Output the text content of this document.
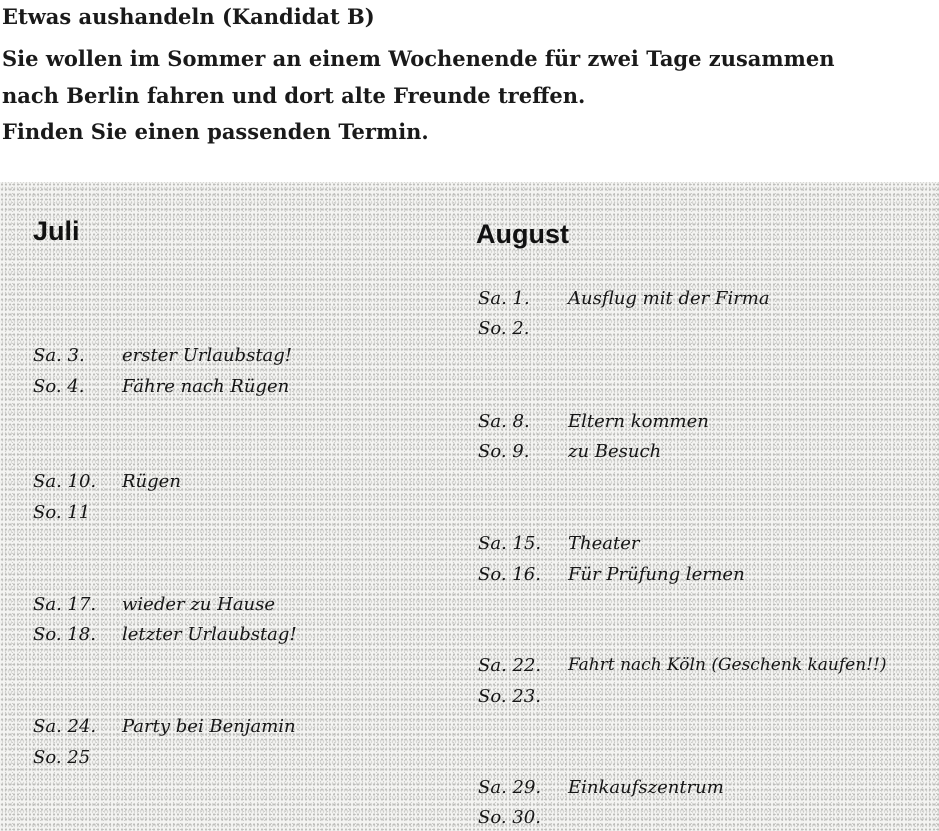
Etwas aushandeln (Kandidat B)
Sie wollen im Sommer an einem Wochenende für zwei Tage zusammen
nach Berlin fahren und dort alte Freunde treffen.
Finden Sie einen passenden Termin.
Juli
Sa. 3. erster Urlaubstag!
So. 4. Fähre nach Rügen
Sa. 10. Rügen
So. 11
Sa. 17. wieder zu Hause
So. 18. letzter Urlaubstag!
Sa. 24. Party bei Benjamin
So. 25
August
Sa. 1. Ausflug mit der Firma
So. 2.
Sa. 8. Eltern kommen
So. 9. zu Besuch
Sa. 15. Theater
So. 16. Für Prüfung lernen
Sa. 22. Fahrt nach Köln (Geschenk kaufen!!)
So. 23.
Sa. 29. Einkaufszentrum
So. 30.
